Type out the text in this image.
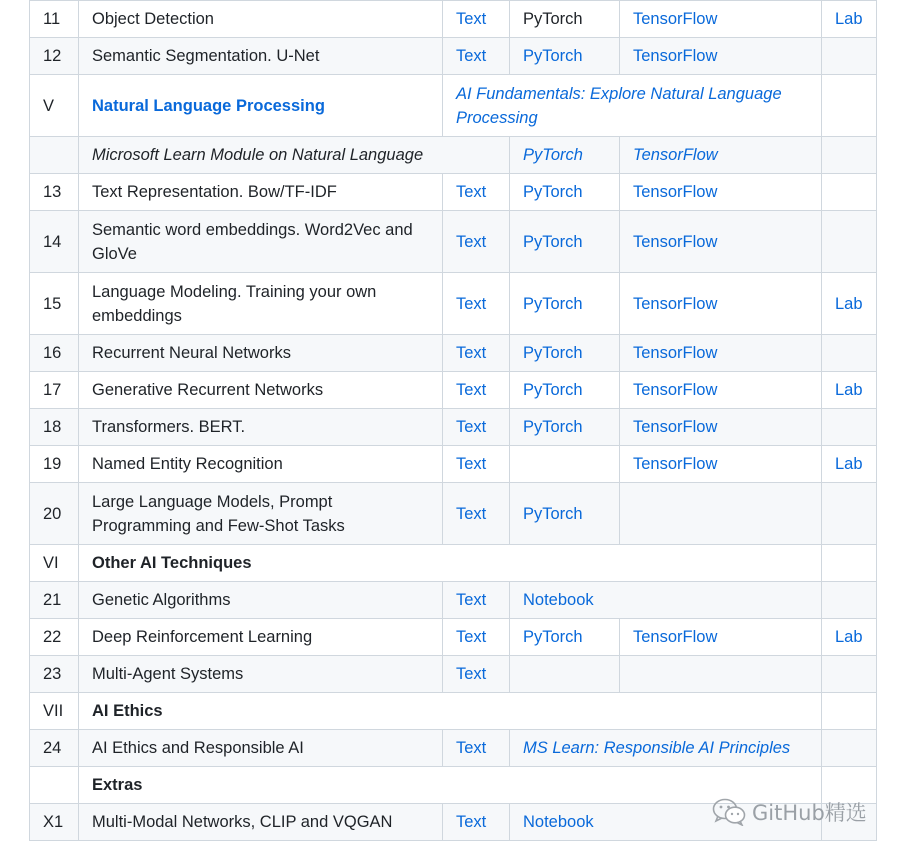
11	Object Detection	Text	PyTorch	TensorFlow	Lab
12	Semantic Segmentation. U-Net	Text	PyTorch	TensorFlow	
V	Natural Language Processing	AI Fundamentals: Explore Natural Language Processing			
	Microsoft Learn Module on Natural Language		PyTorch	TensorFlow	
13	Text Representation. Bow/TF-IDF	Text	PyTorch	TensorFlow	
14	Semantic word embeddings. Word2Vec and GloVe	Text	PyTorch	TensorFlow	
15	Language Modeling. Training your own embeddings	Text	PyTorch	TensorFlow	Lab
16	Recurrent Neural Networks	Text	PyTorch	TensorFlow	
17	Generative Recurrent Networks	Text	PyTorch	TensorFlow	Lab
18	Transformers. BERT.	Text	PyTorch	TensorFlow	
19	Named Entity Recognition	Text		TensorFlow	Lab
20	Large Language Models, Prompt Programming and Few-Shot Tasks	Text	PyTorch		
VI	Other AI Techniques				
21	Genetic Algorithms	Text	Notebook		
22	Deep Reinforcement Learning	Text	PyTorch	TensorFlow	Lab
23	Multi-Agent Systems	Text			
VII	AI Ethics				
24	AI Ethics and Responsible AI	Text	MS Learn: Responsible AI Principles		
	Extras				
X1	Multi-Modal Networks, CLIP and VQGAN	Text	Notebook			GitHub精选
